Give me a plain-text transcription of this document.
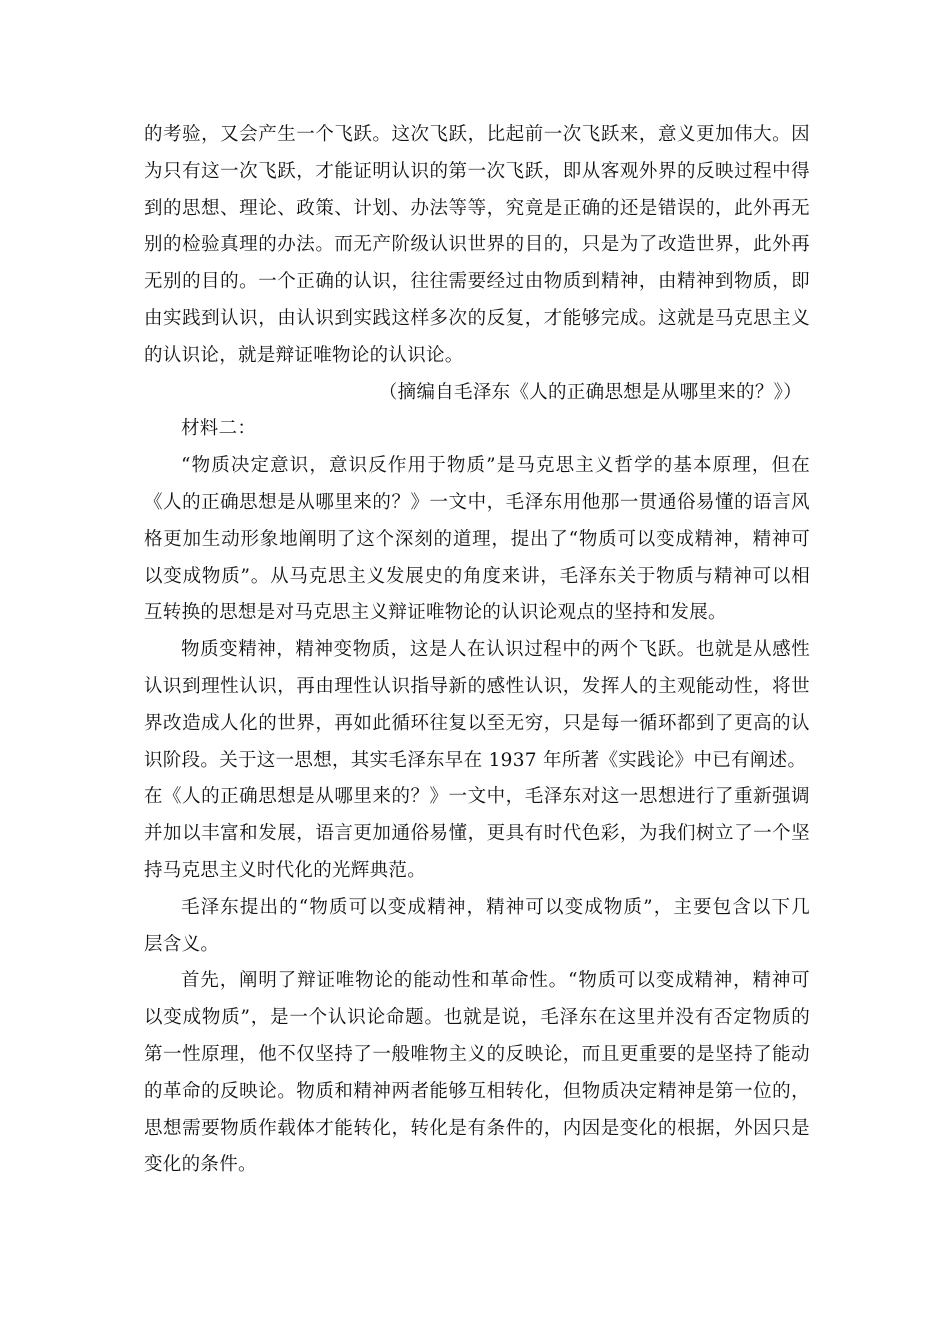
的考验，又会产生一个飞跃。这次飞跃，比起前一次飞跃来，意义更加伟大。因
为只有这一次飞跃，才能证明认识的第一次飞跃，即从客观外界的反映过程中得
到的思想、理论、政策、计划、办法等等，究竟是正确的还是错误的，此外再无
别的检验真理的办法。而无产阶级认识世界的目的，只是为了改造世界，此外再
无别的目的。一个正确的认识，往往需要经过由物质到精神，由精神到物质，即
由实践到认识，由认识到实践这样多次的反复，才能够完成。这就是马克思主义
的认识论，就是辩证唯物论的认识论。
（摘编自毛泽东《人的正确思想是从哪里来的？》）
材料二：
“物质决定意识，意识反作用于物质”是马克思主义哲学的基本原理，但在
《人的正确思想是从哪里来的？》一文中，毛泽东用他那一贯通俗易懂的语言风
格更加生动形象地阐明了这个深刻的道理，提出了“物质可以变成精神，精神可
以变成物质”。从马克思主义发展史的角度来讲，毛泽东关于物质与精神可以相
互转换的思想是对马克思主义辩证唯物论的认识论观点的坚持和发展。
物质变精神，精神变物质，这是人在认识过程中的两个飞跃。也就是从感性
认识到理性认识，再由理性认识指导新的感性认识，发挥人的主观能动性，将世
界改造成人化的世界，再如此循环往复以至无穷，只是每一循环都到了更高的认
识阶段。关于这一思想，其实毛泽东早在 1937 年所著《实践论》中已有阐述。
在《人的正确思想是从哪里来的？》一文中，毛泽东对这一思想进行了重新强调
并加以丰富和发展，语言更加通俗易懂，更具有时代色彩，为我们树立了一个坚
持马克思主义时代化的光辉典范。
毛泽东提出的“物质可以变成精神，精神可以变成物质”，主要包含以下几
层含义。
首先，阐明了辩证唯物论的能动性和革命性。“物质可以变成精神，精神可
以变成物质”，是一个认识论命题。也就是说，毛泽东在这里并没有否定物质的
第一性原理，他不仅坚持了一般唯物主义的反映论，而且更重要的是坚持了能动
的革命的反映论。物质和精神两者能够互相转化，但物质决定精神是第一位的，
思想需要物质作载体才能转化，转化是有条件的，内因是变化的根据，外因只是
变化的条件。
